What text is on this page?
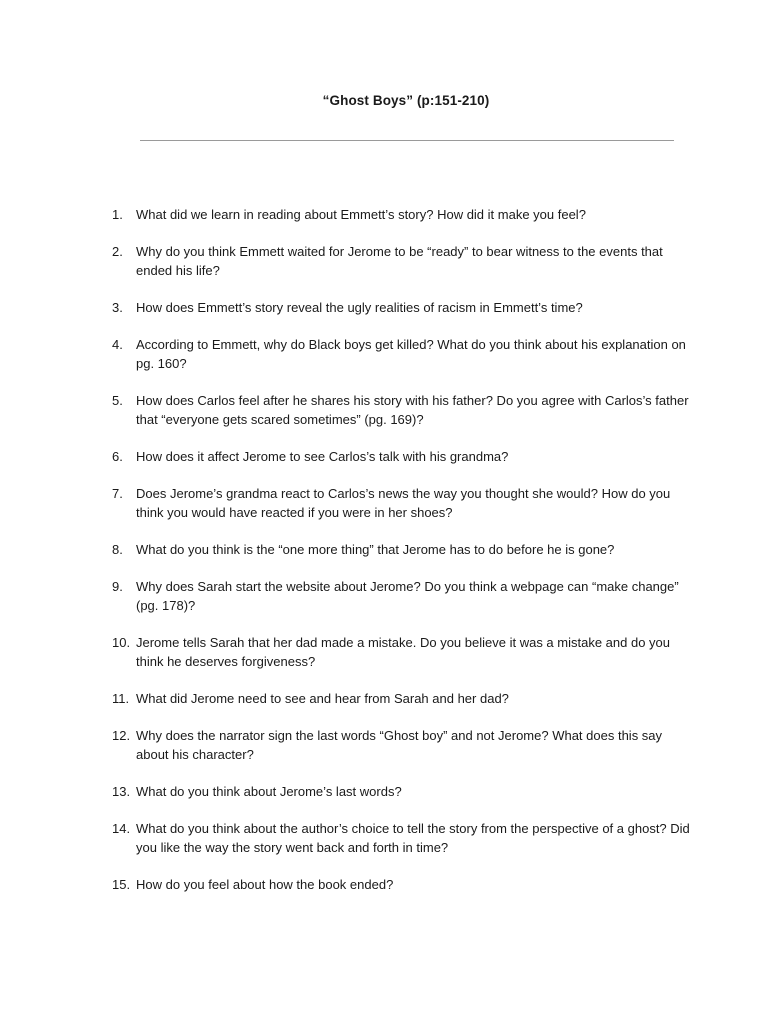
“Ghost Boys” (p:151-210)
1. What did we learn in reading about Emmett’s story? How did it make you feel?
2. Why do you think Emmett waited for Jerome to be “ready” to bear witness to the events that ended his life?
3. How does Emmett’s story reveal the ugly realities of racism in Emmett’s time?
4. According to Emmett, why do Black boys get killed? What do you think about his explanation on pg. 160?
5. How does Carlos feel after he shares his story with his father? Do you agree with Carlos’s father that “everyone gets scared sometimes” (pg. 169)?
6. How does it affect Jerome to see Carlos’s talk with his grandma?
7. Does Jerome’s grandma react to Carlos’s news the way you thought she would? How do you think you would have reacted if you were in her shoes?
8. What do you think is the “one more thing” that Jerome has to do before he is gone?
9. Why does Sarah start the website about Jerome? Do you think a webpage can “make change” (pg. 178)?
10. Jerome tells Sarah that her dad made a mistake. Do you believe it was a mistake and do you think he deserves forgiveness?
11. What did Jerome need to see and hear from Sarah and her dad?
12. Why does the narrator sign the last words “Ghost boy” and not Jerome? What does this say about his character?
13. What do you think about Jerome’s last words?
14. What do you think about the author’s choice to tell the story from the perspective of a ghost? Did you like the way the story went back and forth in time?
15. How do you feel about how the book ended?
